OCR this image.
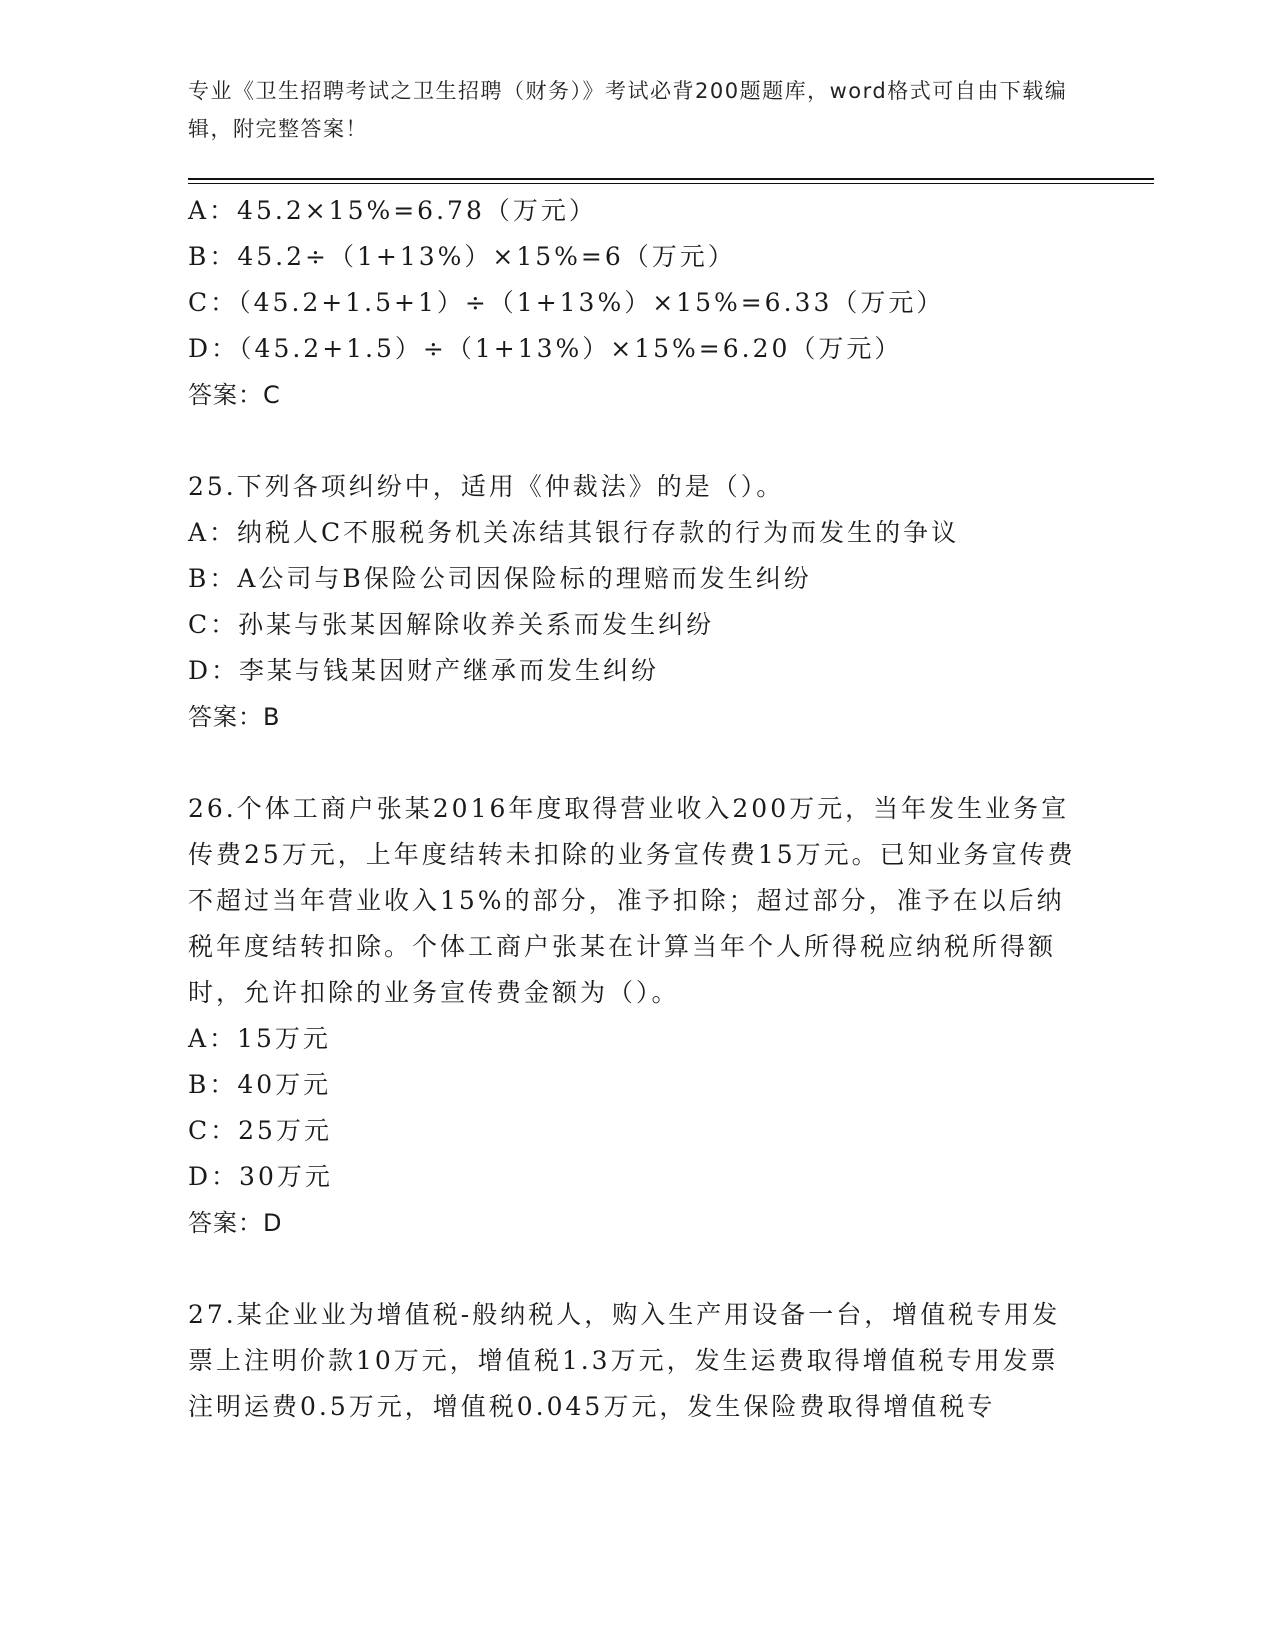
专业《卫生招聘考试之卫生招聘（财务）》考试必背200题题库，word格式可自由下载编辑，附完整答案！
A：45.2×15%=6.78（万元）
B：45.2÷（1+13%）×15%=6（万元）
C：（45.2+1.5+1）÷（1+13%）×15%=6.33（万元）
D：（45.2+1.5）÷（1+13%）×15%=6.20（万元）
答案：C
25.下列各项纠纷中，适用《仲裁法》的是（）。
A：纳税人C不服税务机关冻结其银行存款的行为而发生的争议
B：A公司与B保险公司因保险标的理赔而发生纠纷
C：孙某与张某因解除收养关系而发生纠纷
D：李某与钱某因财产继承而发生纠纷
答案：B
26.个体工商户张某2016年度取得营业收入200万元，当年发生业务宣传费25万元，上年度结转未扣除的业务宣传费15万元。已知业务宣传费不超过当年营业收入15%的部分，准予扣除；超过部分，准予在以后纳税年度结转扣除。个体工商户张某在计算当年个人所得税应纳税所得额时，允许扣除的业务宣传费金额为（）。
A：15万元
B：40万元
C：25万元
D：30万元
答案：D
27.某企业业为增值税-般纳税人，购入生产用设备一台，增值税专用发票上注明价款10万元，增值税1.3万元，发生运费取得增值税专用发票注明运费0.5万元，增值税0.045万元，发生保险费取得增值税专
